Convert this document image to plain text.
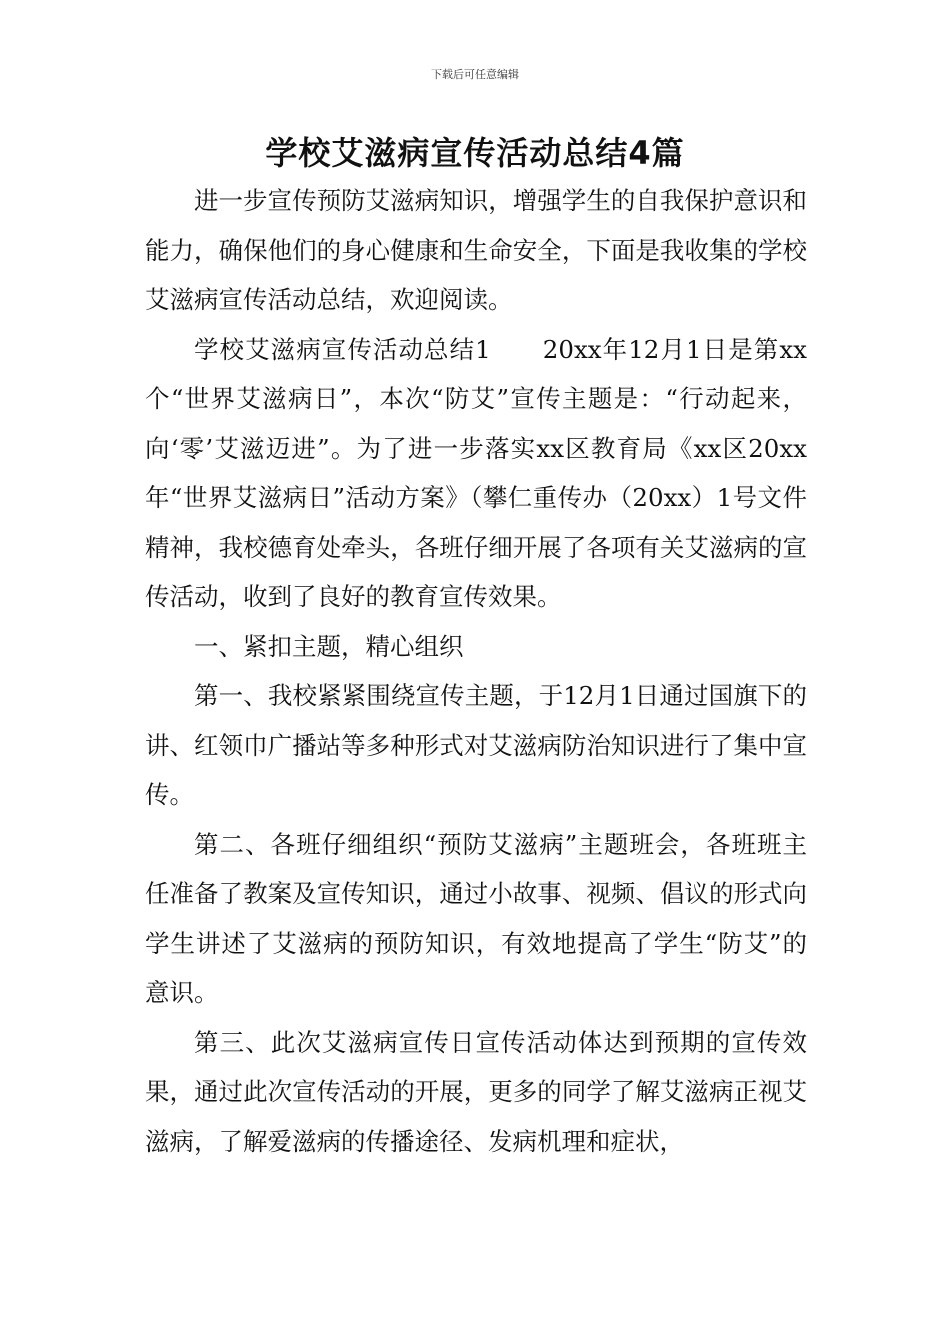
下载后可任意编辑
学校艾滋病宣传活动总结4篇

进一步宣传预防艾滋病知识，增强学生的自我保护意识和能力，确保他们的身心健康和生命安全，下面是我收集的学校艾滋病宣传活动总结，欢迎阅读。

学校艾滋病宣传活动总结1 20xx年12月1日是第xx个“世界艾滋病日”，本次“防艾”宣传主题是：“行动起来，向‘零’艾滋迈进”。为了进一步落实xx区教育局《xx区20xx年“世界艾滋病日”活动方案》（攀仁重传办（20xx）1号文件精神，我校德育处牵头，各班仔细开展了各项有关艾滋病的宣传活动，收到了良好的教育宣传效果。

一、紧扣主题，精心组织

第一、我校紧紧围绕宣传主题，于12月1日通过国旗下的讲、红领巾广播站等多种形式对艾滋病防治知识进行了集中宣传。

第二、各班仔细组织“预防艾滋病”主题班会，各班班主任准备了教案及宣传知识，通过小故事、视频、倡议的形式向学生讲述了艾滋病的预防知识，有效地提高了学生“防艾”的意识。

第三、此次艾滋病宣传日宣传活动体达到预期的宣传效果，通过此次宣传活动的开展，更多的同学了解艾滋病正视艾滋病，了解爱滋病的传播途径、发病机理和症状，
